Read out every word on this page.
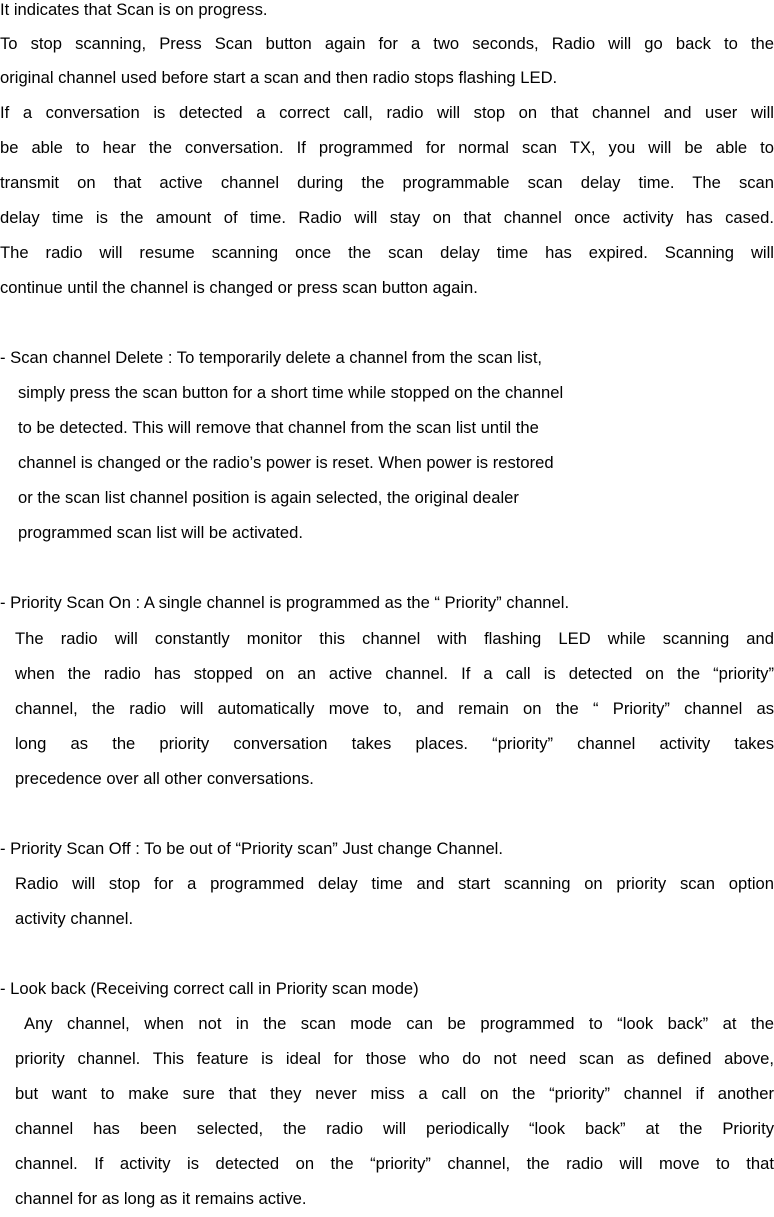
It indicates that Scan is on progress.
To stop scanning, Press Scan button again for a two seconds, Radio will go back to the
original channel used before start a scan and then radio stops flashing LED.
If a conversation is detected a correct call, radio will stop on that channel and user will
be able to hear the conversation. If programmed for normal scan TX, you will be able to
transmit on that active channel during the programmable scan delay time. The scan
delay time is the amount of time. Radio will stay on that channel once activity has cased.
The radio will resume scanning once the scan delay time has expired. Scanning will
continue until the channel is changed or press scan button again.
- Scan channel Delete : To temporarily delete a channel from the scan list,
simply press the scan button for a short time while stopped on the channel
to be detected. This will remove that channel from the scan list until the
channel is changed or the radio’s power is reset. When power is restored
or the scan list channel position is again selected, the original dealer
programmed scan list will be activated.
- Priority Scan On : A single channel is programmed as the “ Priority” channel.
The radio will constantly monitor this channel with flashing LED while scanning and
when the radio has stopped on an active channel. If a call is detected on the “priority”
channel, the radio will automatically move to, and remain on the “ Priority” channel as
long as the priority conversation takes places. “priority” channel activity takes
precedence over all other conversations.
- Priority Scan Off : To be out of “Priority scan” Just change Channel.
Radio will stop for a programmed delay time and start scanning on priority scan option
activity channel.
- Look back (Receiving correct call in Priority scan mode)
Any channel, when not in the scan mode can be programmed to “look back” at the
priority channel. This feature is ideal for those who do not need scan as defined above,
but want to make sure that they never miss a call on the “priority” channel if another
channel has been selected, the radio will periodically “look back” at the Priority
channel. If activity is detected on the “priority” channel, the radio will move to that
channel for as long as it remains active.
